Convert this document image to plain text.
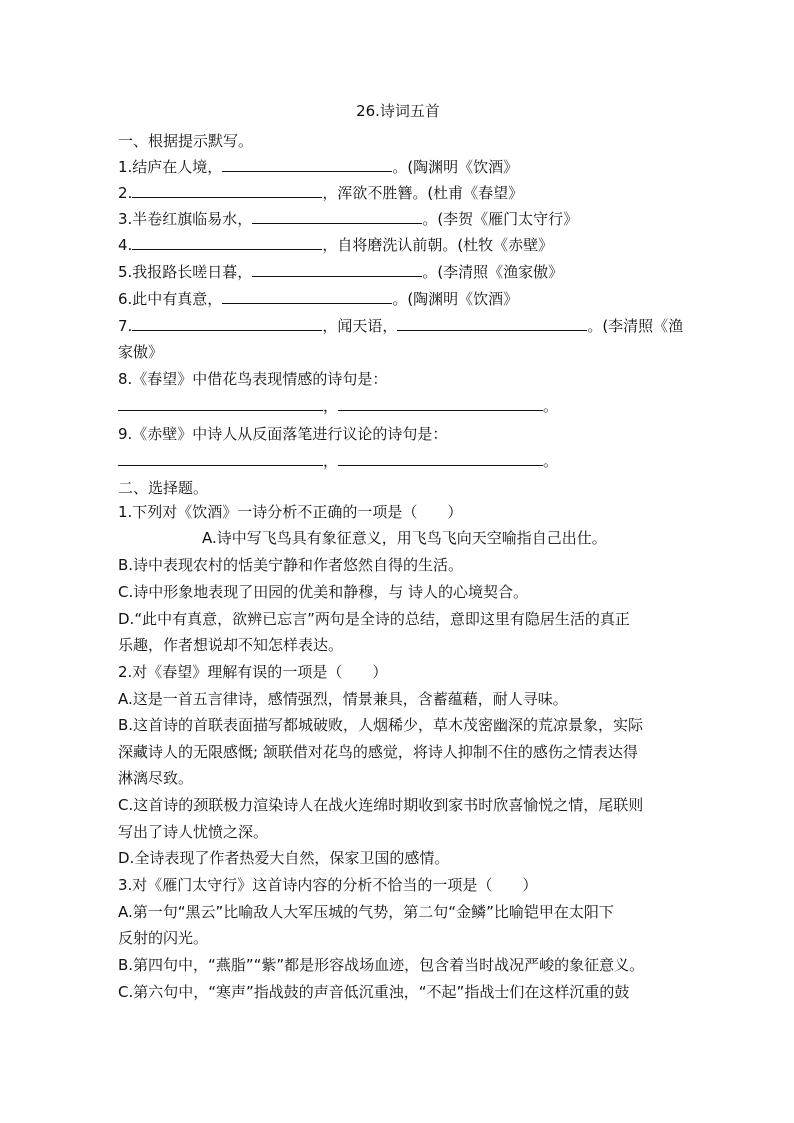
26.诗词五首
一、根据提示默写。
1.结庐在人境，	。(陶渊明《饮酒》
2.	，浑欲不胜簪。(杜甫《春望》
3.半卷红旗临易水，	。(李贺《雁门太守行》
4.	，自将磨洗认前朝。(杜牧《赤壁》
5.我报路长嗟日暮，	。(李清照《渔家傲》
6.此中有真意，	。(陶渊明《饮酒》
7.	，闻天语，	。(李清照《渔
家傲》
8.《春望》中借花鸟表现情感的诗句是：
，	。
9.《赤壁》中诗人从反面落笔进行议论的诗句是：
，	。
二、选择题。
1.下列对《饮酒》一诗分析不正确的一项是（　　）
A.诗中写飞鸟具有象征意义，用飞鸟飞向天空喻指自己出仕。
B.诗中表现农村的恬美宁静和作者悠然自得的生活。
C.诗中形象地表现了田园的优美和静穆，与 诗人的心境契合。
D.“此中有真意，欲辨已忘言”两句是全诗的总结，意即这里有隐居生活的真正
乐趣，作者想说却不知怎样表达。
2.对《春望》理解有误的一项是（　　）
A.这是一首五言律诗，感情强烈，情景兼具，含蓄蕴藉，耐人寻味。
B.这首诗的首联表面描写都城破败，人烟稀少，草木茂密幽深的荒凉景象，实际
深藏诗人的无限感慨; 颔联借对花鸟的感觉，将诗人抑制不住的感伤之情表达得
淋漓尽致。
C.这首诗的颈联极力渲染诗人在战火连绵时期收到家书时欣喜愉悦之情，尾联则
写出了诗人忧愤之深。
D.全诗表现了作者热爱大自然，保家卫国的感情。
3.对《雁门太守行》这首诗内容的分析不恰当的一项是（　　）
A.第一句“黑云”比喻敌人大军压城的气势，第二句“金鳞”比喻铠甲在太阳下
反射的闪光。
B.第四句中，“燕脂”“紫”都是形容战场血迹，包含着当时战况严峻的象征意义。
C.第六句中，“寒声”指战鼓的声音低沉重浊，“不起”指战士们在这样沉重的鼓
